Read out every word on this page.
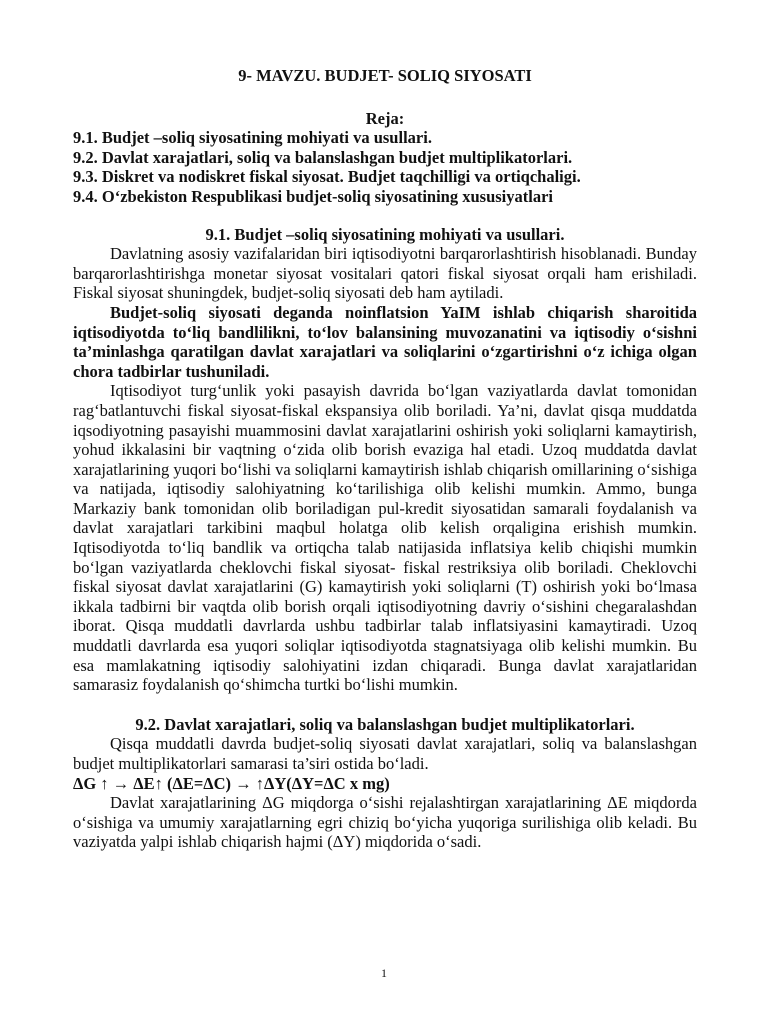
9- MAVZU. BUDJET- SOLIQ SIYOSATI

Reja:

9.1. Budjet –soliq siyosatining mohiyati va usullari.

9.2. Davlat xarajatlari, soliq va balanslashgan budjet multiplikatorlari.

9.3. Diskret va nodiskret fiskal siyosat. Budjet taqchilligi va ortiqchaligi.

9.4. O‘zbekiston Respublikasi budjet-soliq siyosatining xususiyatlari

9.1. Budjet –soliq siyosatining mohiyati va usullari.

Davlatning asosiy vazifalaridan biri iqtisodiyotni barqarorlashtirish hisoblanadi. Bunday barqarorlashtirishga monetar siyosat vositalari qatori fiskal siyosat orqali ham erishiladi. Fiskal siyosat shuningdek, budjet-soliq siyosati deb ham aytiladi.

Budjet-soliq siyosati deganda noinflatsion YaIM ishlab chiqarish sharoitida iqtisodiyotda to‘liq bandlilikni, to‘lov balansining muvozanatini va iqtisodiy o‘sishni ta’minlashga qaratilgan davlat xarajatlari va soliqlarini o‘zgartirishni o‘z ichiga olgan chora tadbirlar tushuniladi.

Iqtisodiyot turg‘unlik yoki pasayish davrida bo‘lgan vaziyatlarda davlat tomonidan rag‘batlantuvchi fiskal siyosat-fiskal ekspansiya olib boriladi. Ya’ni, davlat qisqa muddatda iqsodiyotning pasayishi muammosini davlat xarajatlarini oshirish yoki soliqlarni kamaytirish, yohud ikkalasini bir vaqtning o‘zida olib borish evaziga hal etadi. Uzoq muddatda davlat xarajatlarining yuqori bo‘lishi va soliqlarni kamaytirish ishlab chiqarish omillarining o‘sishiga va natijada, iqtisodiy salohiyatning ko‘tarilishiga olib kelishi mumkin. Ammo, bunga Markaziy bank tomonidan olib boriladigan pul-kredit siyosatidan samarali foydalanish va davlat xarajatlari tarkibini maqbul holatga olib kelish orqaligina erishish mumkin. Iqtisodiyotda to‘liq bandlik va ortiqcha talab natijasida inflatsiya kelib chiqishi mumkin bo‘lgan vaziyatlarda cheklovchi fiskal siyosat- fiskal restriksiya olib boriladi. Cheklovchi fiskal siyosat davlat xarajatlarini (G) kamaytirish yoki soliqlarni (T) oshirish yoki bo‘lmasa ikkala tadbirni bir vaqtda olib borish orqali iqtisodiyotning davriy o‘sishini chegaralashdan iborat. Qisqa muddatli davrlarda ushbu tadbirlar talab inflatsiyasini kamaytiradi. Uzoq muddatli davrlarda esa yuqori soliqlar iqtisodiyotda stagnatsiyaga olib kelishi mumkin. Bu esa mamlakatning iqtisodiy salohiyatini izdan chiqaradi. Bunga davlat xarajatlaridan samarasiz foydalanish qo‘shimcha turtki bo‘lishi mumkin.

9.2. Davlat xarajatlari, soliq va balanslashgan budjet multiplikatorlari.

Qisqa muddatli davrda budjet-soliq siyosati davlat xarajatlari, soliq va balanslashgan budjet multiplikatorlari samarasi ta’siri ostida bo‘ladi.

ΔG ↑ → ΔE↑ (ΔE=ΔC) → ↑ΔY(ΔY=ΔC x mg)

Davlat xarajatlarining ΔG miqdorga o‘sishi rejalashtirgan xarajatlarining ΔE miqdorda o‘sishiga va umumiy xarajatlarning egri chiziq bo‘yicha yuqoriga surilishiga olib keladi. Bu vaziyatda yalpi ishlab chiqarish hajmi (ΔY) miqdorida o‘sadi.

1
